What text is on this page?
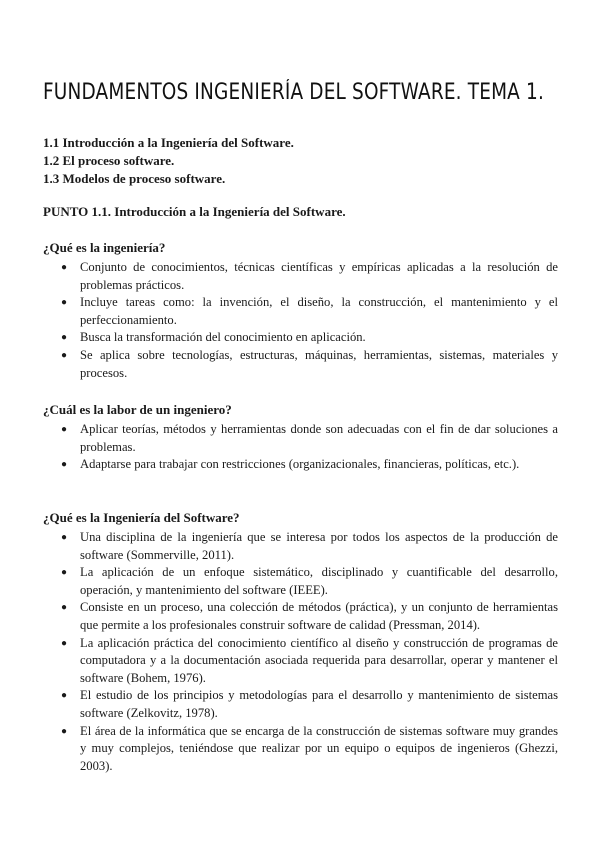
FUNDAMENTOS INGENIERÍA DEL SOFTWARE. TEMA 1.
1.1 Introducción a la Ingeniería del Software.
1.2 El proceso software.
1.3 Modelos de proceso software.
PUNTO 1.1. Introducción a la Ingeniería del Software.
¿Qué es la ingeniería?
● Conjunto de conocimientos, técnicas científicas y empíricas aplicadas a la resolución de problemas prácticos.
● Incluye tareas como: la invención, el diseño, la construcción, el mantenimiento y el perfeccionamiento.
● Busca la transformación del conocimiento en aplicación.
● Se aplica sobre tecnologías, estructuras, máquinas, herramientas, sistemas, materiales y procesos.
¿Cuál es la labor de un ingeniero?
● Aplicar teorías, métodos y herramientas donde son adecuadas con el fin de dar soluciones a problemas.
● Adaptarse para trabajar con restricciones (organizacionales, financieras, políticas, etc.).
¿Qué es la Ingeniería del Software?
● Una disciplina de la ingeniería que se interesa por todos los aspectos de la producción de software (Sommerville, 2011).
● La aplicación de un enfoque sistemático, disciplinado y cuantificable del desarrollo, operación, y mantenimiento del software (IEEE).
● Consiste en un proceso, una colección de métodos (práctica), y un conjunto de herramientas que permite a los profesionales construir software de calidad (Pressman, 2014).
● La aplicación práctica del conocimiento científico al diseño y construcción de programas de computadora y a la documentación asociada requerida para desarrollar, operar y mantener el software (Bohem, 1976).
● El estudio de los principios y metodologías para el desarrollo y mantenimiento de sistemas software (Zelkovitz, 1978).
● El área de la informática que se encarga de la construcción de sistemas software muy grandes y muy complejos, teniéndose que realizar por un equipo o equipos de ingenieros (Ghezzi, 2003).
